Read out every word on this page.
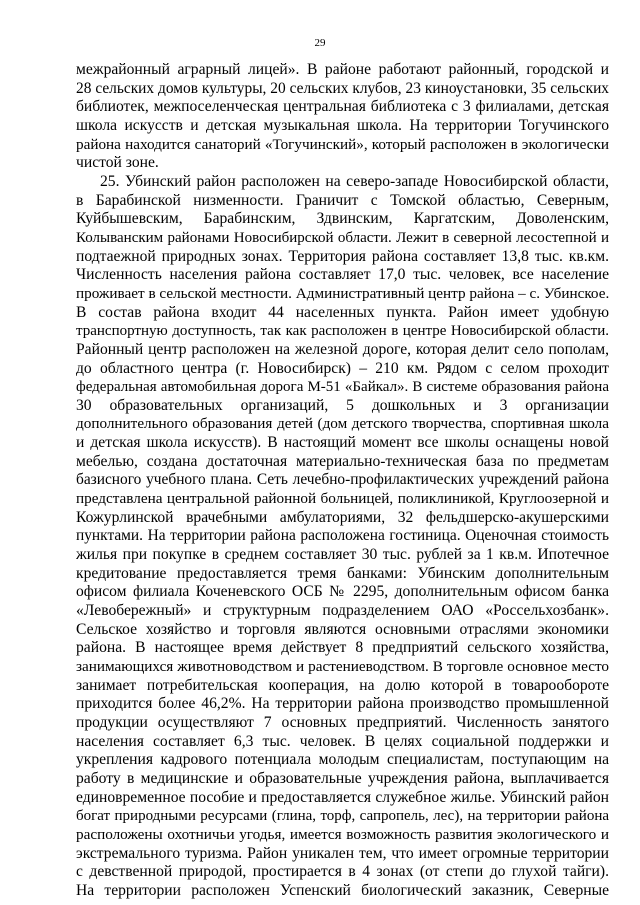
29
межрайонный аграрный лицей». В районе работают районный, городской и
28 сельских домов культуры, 20 сельских клубов, 23 киноустановки, 35 сельских
библиотек, межпоселенческая центральная библиотека с 3 филиалами, детская
школа искусств и детская музыкальная школа. На территории Тогучинского
района находится санаторий «Тогучинский», который расположен в экологически
чистой зоне.
25. Убинский район расположен на северо-западе Новосибирской области,
в Барабинской низменности. Граничит с Томской областью, Северным,
Куйбышевским, Барабинским, Здвинским, Каргатским, Доволенским,
Колыванским районами Новосибирской области. Лежит в северной лесостепной и
подтаежной природных зонах. Территория района составляет 13,8 тыс. кв.км.
Численность населения района составляет 17,0 тыс. человек, все население
проживает в сельской местности. Административный центр района – с. Убинское.
В состав района входит 44 населенных пункта. Район имеет удобную
транспортную доступность, так как расположен в центре Новосибирской области.
Районный центр расположен на железной дороге, которая делит село пополам,
до областного центра (г. Новосибирск) – 210 км. Рядом с селом проходит
федеральная автомобильная дорога М-51 «Байкал». В системе образования района
30 образовательных организаций, 5 дошкольных и 3 организации
дополнительного образования детей (дом детского творчества, спортивная школа
и детская школа искусств). В настоящий момент все школы оснащены новой
мебелью, создана достаточная материально-техническая база по предметам
базисного учебного плана. Сеть лечебно-профилактических учреждений района
представлена центральной районной больницей, поликлиникой, Круглоозерной и
Кожурлинской врачебными амбулаториями, 32 фельдшерско-акушерскими
пунктами. На территории района расположена гостиница. Оценочная стоимость
жилья при покупке в среднем составляет 30 тыс. рублей за 1 кв.м. Ипотечное
кредитование предоставляется тремя банками: Убинским дополнительным
офисом филиала Коченевского ОСБ № 2295, дополнительным офисом банка
«Левобережный» и структурным подразделением ОАО «Россельхозбанк».
Сельское хозяйство и торговля являются основными отраслями экономики
района. В настоящее время действует 8 предприятий сельского хозяйства,
занимающихся животноводством и растениеводством. В торговле основное место
занимает потребительская кооперация, на долю которой в товарообороте
приходится более 46,2%. На территории района производство промышленной
продукции осуществляют 7 основных предприятий. Численность занятого
населения составляет 6,3 тыс. человек. В целях социальной поддержки и
укрепления кадрового потенциала молодым специалистам, поступающим на
работу в медицинские и образовательные учреждения района, выплачивается
единовременное пособие и предоставляется служебное жилье. Убинский район
богат природными ресурсами (глина, торф, сапропель, лес), на территории района
расположены охотничьи угодья, имеется возможность развития экологического и
экстремального туризма. Район уникален тем, что имеет огромные территории
с девственной природой, простирается в 4 зонах (от степи до глухой тайги).
На территории расположен Успенский биологический заказник, Северные
